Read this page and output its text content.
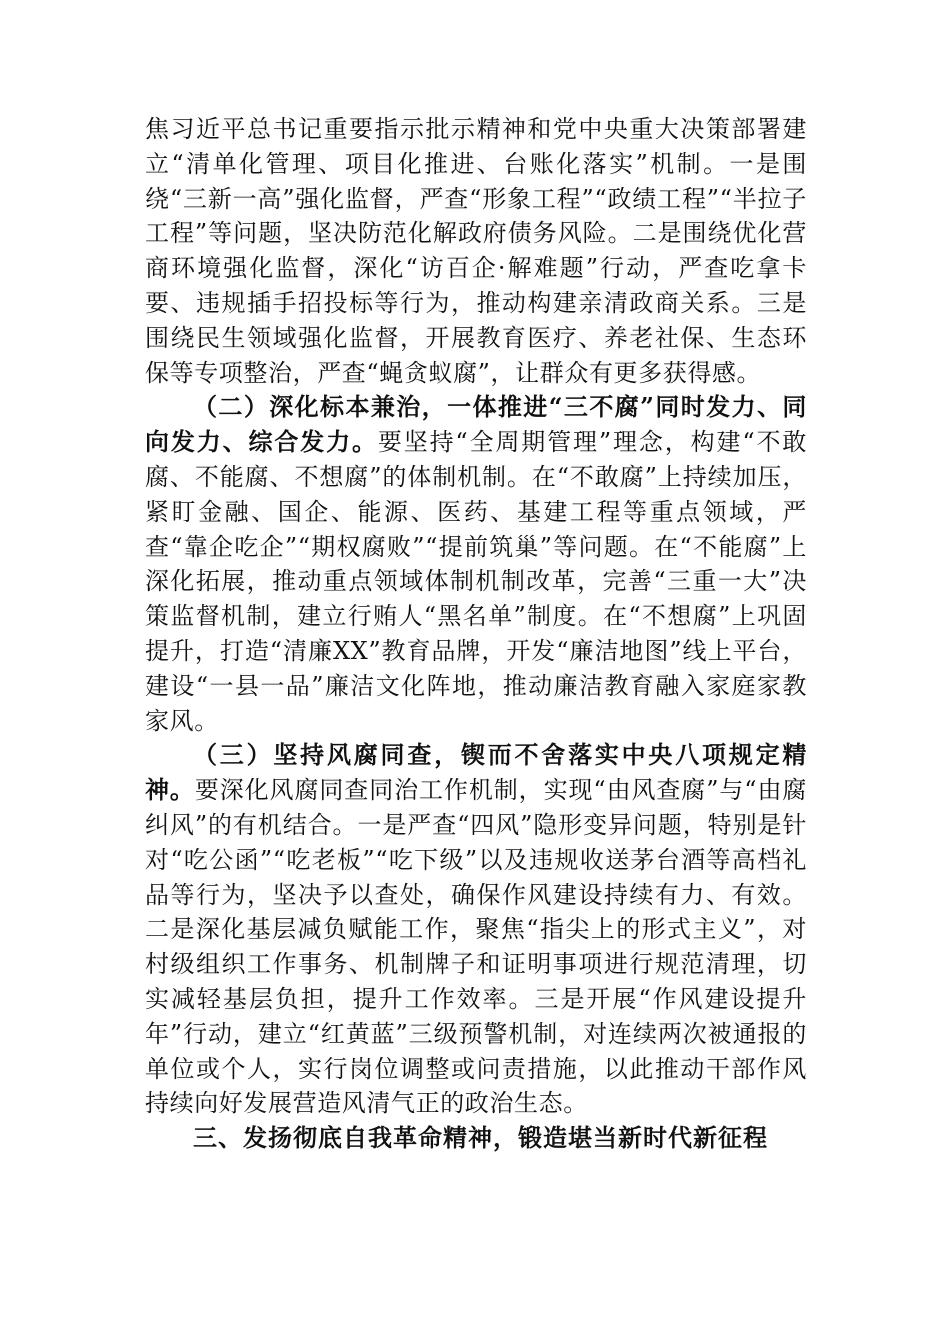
焦习近平总书记重要指示批示精神和党中央重大决策部署建立“清单化管理、项目化推进、台账化落实”机制。一是围绕“三新一高”强化监督，严查“形象工程”“政绩工程”“半拉子工程”等问题，坚决防范化解政府债务风险。二是围绕优化营商环境强化监督，深化“访百企·解难题”行动，严查吃拿卡要、违规插手招投标等行为，推动构建亲清政商关系。三是围绕民生领域强化监督，开展教育医疗、养老社保、生态环保等专项整治，严查“蝇贪蚁腐”，让群众有更多获得感。

（二）深化标本兼治，一体推进“三不腐”同时发力、同向发力、综合发力。要坚持“全周期管理”理念，构建“不敢腐、不能腐、不想腐”的体制机制。在“不敢腐”上持续加压，紧盯金融、国企、能源、医药、基建工程等重点领域，严查“靠企吃企”“期权腐败”“提前筑巢”等问题。在“不能腐”上深化拓展，推动重点领域体制机制改革，完善“三重一大”决策监督机制，建立行贿人“黑名单”制度。在“不想腐”上巩固提升，打造“清廉XX”教育品牌，开发“廉洁地图”线上平台，建设“一县一品”廉洁文化阵地，推动廉洁教育融入家庭家教家风。

（三）坚持风腐同查，锲而不舍落实中央八项规定精神。要深化风腐同查同治工作机制，实现“由风查腐”与“由腐纠风”的有机结合。一是严查“四风”隐形变异问题，特别是针对“吃公函”“吃老板”“吃下级”以及违规收送茅台酒等高档礼品等行为，坚决予以查处，确保作风建设持续有力、有效。二是深化基层减负赋能工作，聚焦“指尖上的形式主义”，对村级组织工作事务、机制牌子和证明事项进行规范清理，切实减轻基层负担，提升工作效率。三是开展“作风建设提升年”行动，建立“红黄蓝”三级预警机制，对连续两次被通报的单位或个人，实行岗位调整或问责措施，以此推动干部作风持续向好发展营造风清气正的政治生态。

三、发扬彻底自我革命精神，锻造堪当新时代新征程
